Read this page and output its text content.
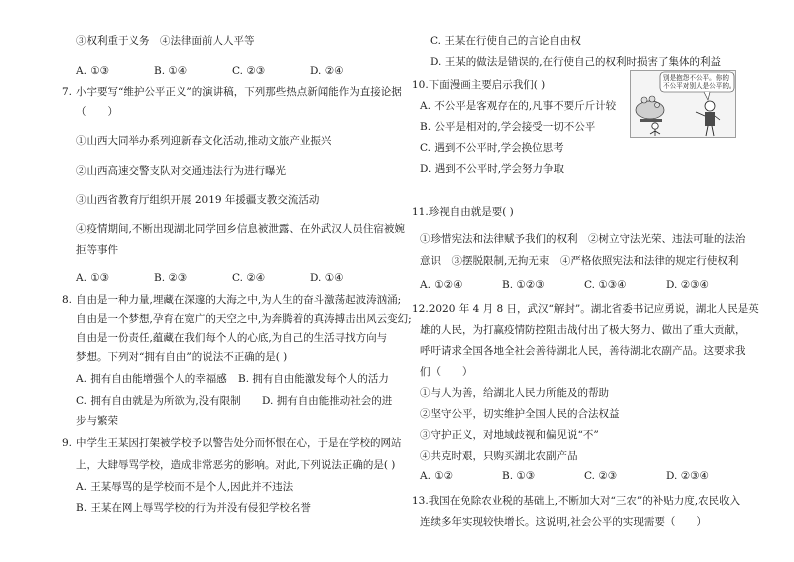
③权利重于义务　④法律面前人人平等
A. ①③	B. ①④	C. ②③	D. ②④
7. 小宇要写“维护公平正义”的演讲稿，下列那些热点新闻能作为直接论据
（　　）
①山西大同举办系列迎新春文化活动,推动文旅产业振兴
②山西高速交警支队对交通违法行为进行曝光
③山西省教育厅组织开展 2019 年援疆支教交流活动
④疫情期间,不断出现湖北同学回乡信息被泄露、在外武汉人员住宿被婉
拒等事件
A. ①③	B. ②③	C. ②④	D. ①④
8. 自由是一种力量,埋藏在深邃的大海之中,为人生的奋斗激荡起波涛汹涌;
自由是一个梦想,孕育在宽广的天空之中,为奔腾着的真涛搏击出风云变幻;
自由是一份责任,蕴藏在我们每个人的心底,为自己的生活寻找方向与
梦想。下列对“拥有自由”的说法不正确的是( )
A. 拥有自由能增强个人的幸福感 B. 拥有自由能激发每个人的活力
C. 拥有自由就是为所欲为,没有限制 D. 拥有自由能推动社会的进
步与繁荣
9. 中学生王某因打架被学校予以警告处分而怀恨在心，于是在学校的网站
上，大肆辱骂学校，造成非常恶劣的影响。对此,下列说法正确的是( )
A. 王某辱骂的是学校而不是个人,因此并不违法
B. 王某在网上辱骂学校的行为并没有侵犯学校名誉
C. 王某在行使自己的言论自由权
D. 王某的做法是错误的,在行使自己的权利时损害了集体的利益
10.下面漫画主要启示我们( )
A. 不公平是客观存在的,凡事不要斤斤计较
B. 公平是相对的,学会接受一切不公平
C. 遇到不公平时,学会换位思考
D. 遇到不公平时,学会努力争取
别是抱怨不公平。你的
不公平对别人是公平的。
11.珍视自由就是要( )
①珍惜宪法和法律赋予我们的权利　②树立守法光荣、违法可耻的法治
意识　③摆脱限制,无拘无束　④严格依照宪法和法律的规定行使权利
A. ①②④	B. ①②③	C. ①③④	D. ②③④
12.2020 年 4 月 8 日，武汉“解封”。湖北省委书记应勇说，湖北人民是英
雄的人民，为打赢疫情防控阻击战付出了极大努力、做出了重大贡献，
呼吁请求全国各地全社会善待湖北人民，善待湖北农副产品。这要求我
们（　　）
①与人为善，给湖北人民力所能及的帮助
②坚守公平，切实维护全国人民的合法权益
③守护正义，对地域歧视和偏见说“不”
④共克时艰，只购买湖北农副产品
A. ①②	B. ①③	C. ②③	D. ②③④
13.我国在免除农业税的基础上,不断加大对“三农”的补贴力度,农民收入
连续多年实现较快增长。这说明,社会公平的实现需要（　　）
